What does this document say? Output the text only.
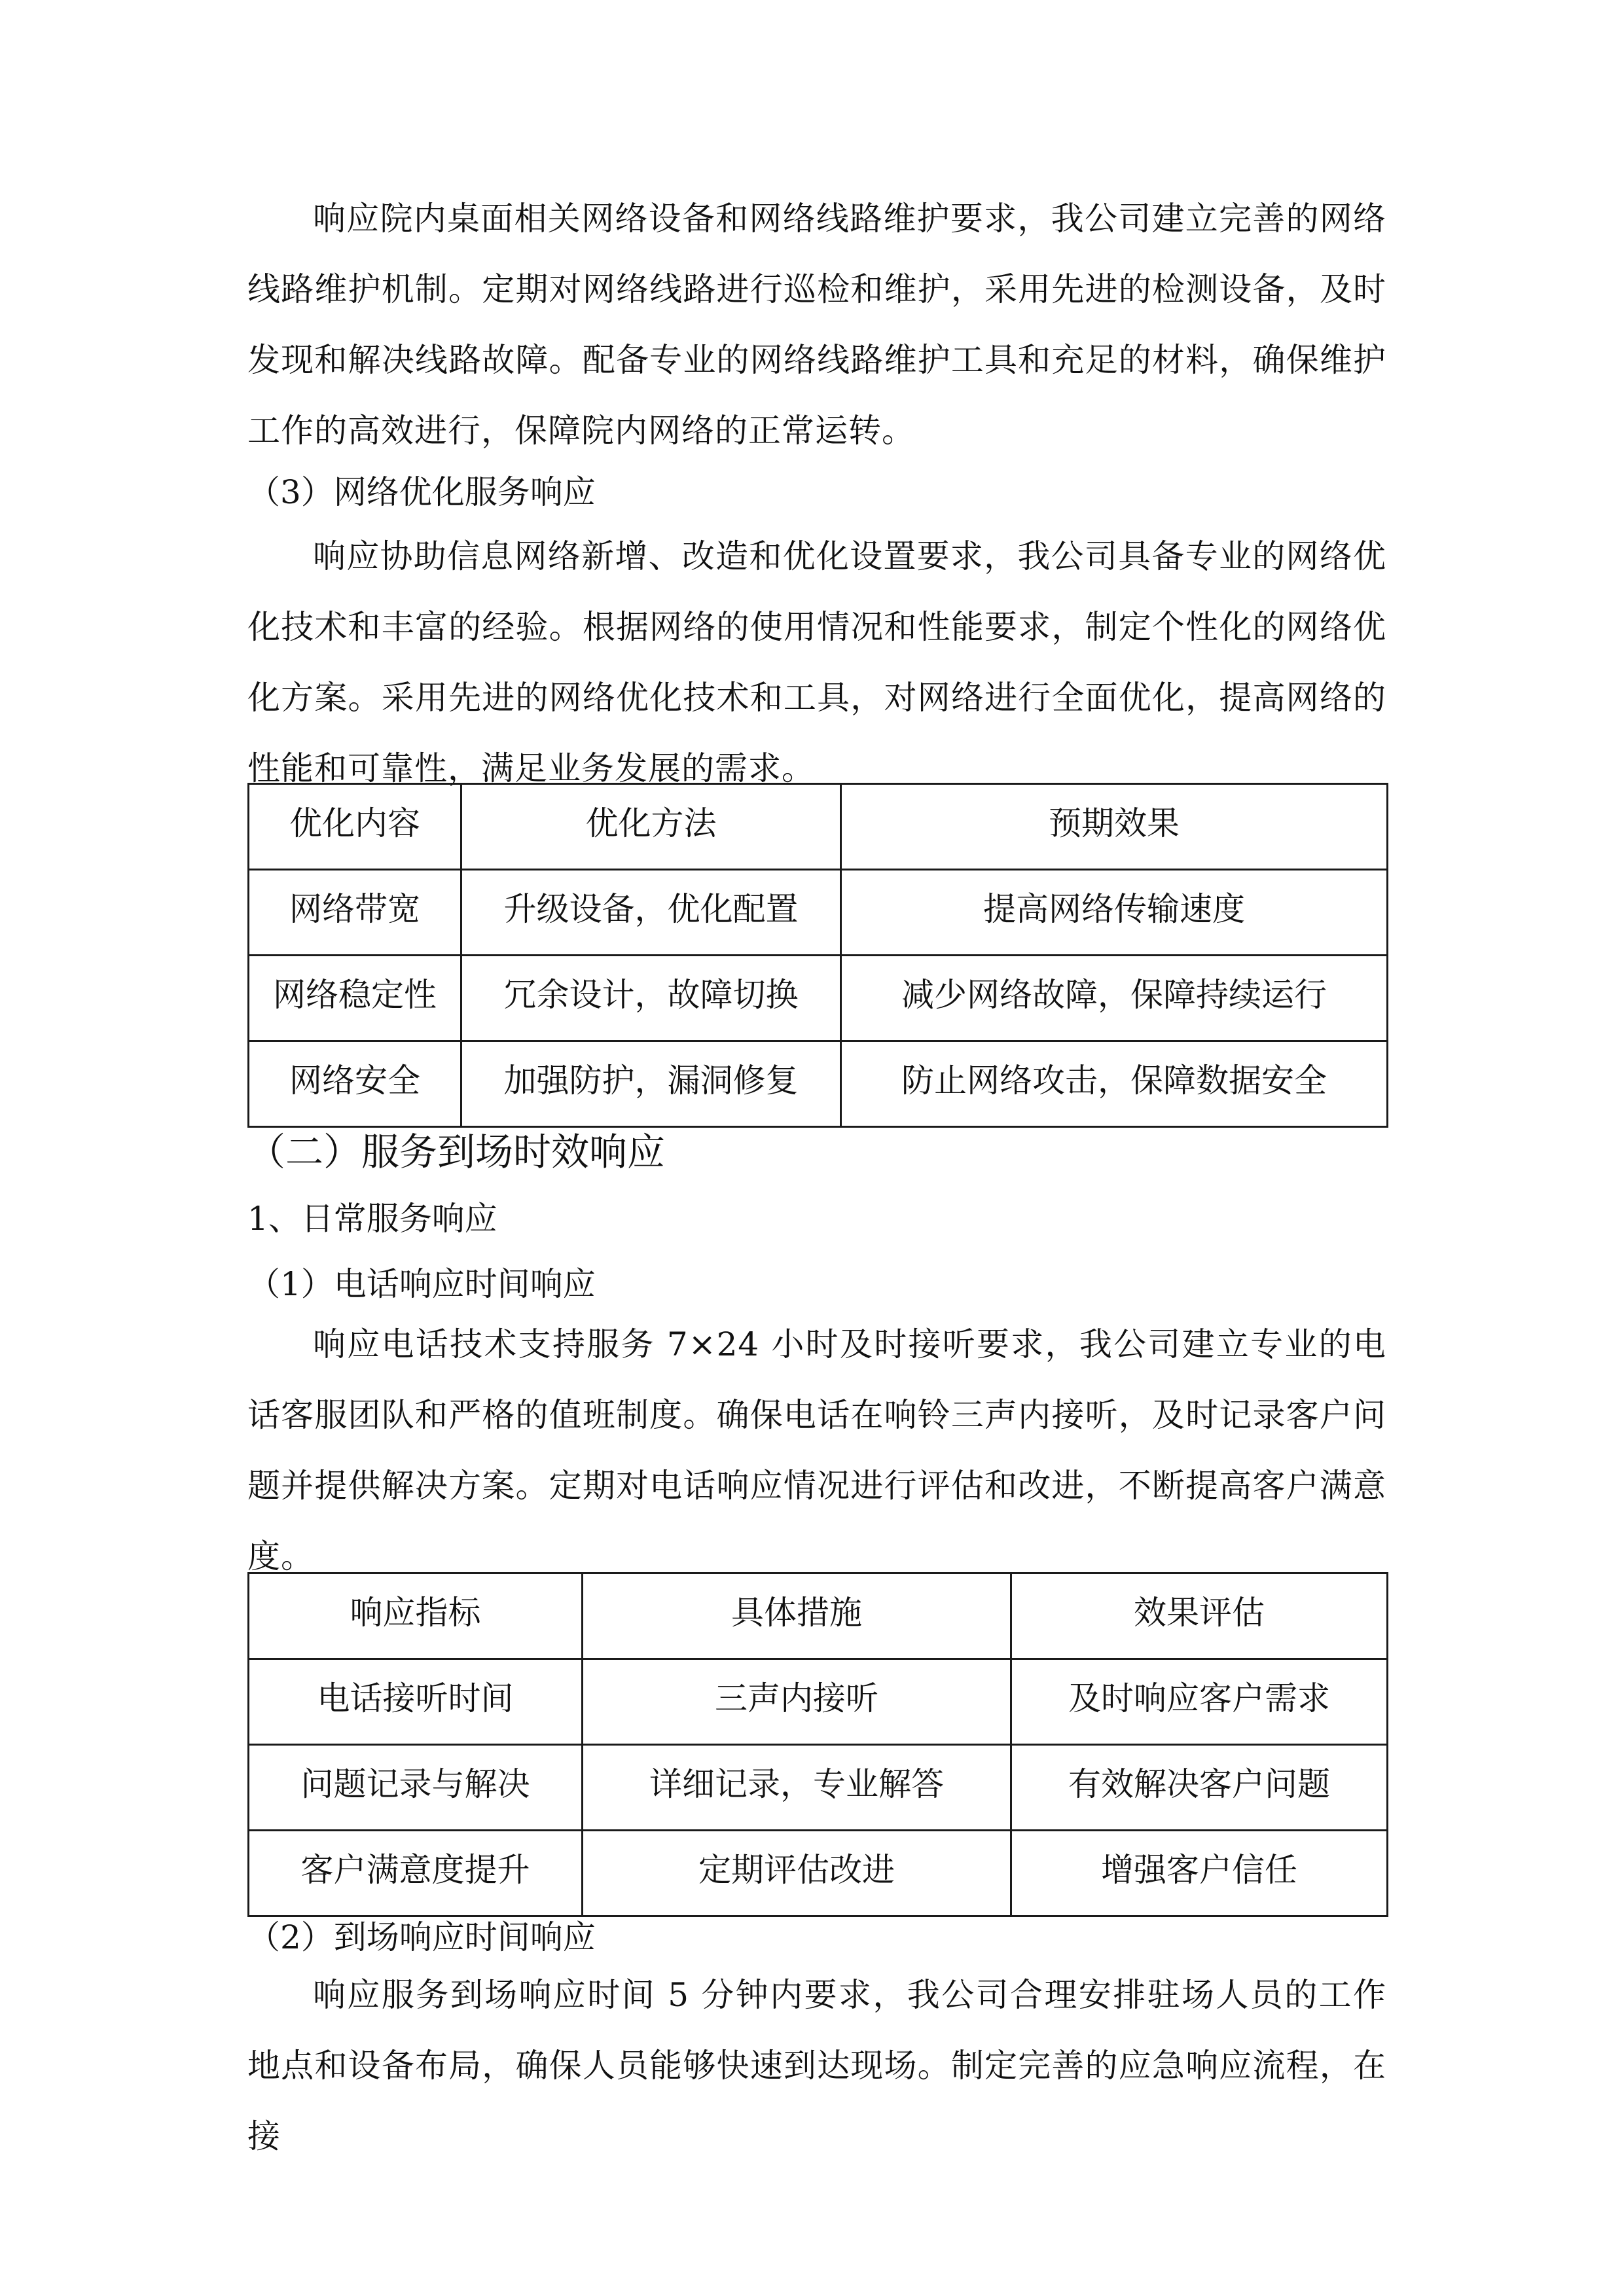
响应院内桌面相关网络设备和网络线路维护要求，我公司建立完善的网络线路维护机制。定期对网络线路进行巡检和维护，采用先进的检测设备，及时发现和解决线路故障。配备专业的网络线路维护工具和充足的材料，确保维护工作的高效进行，保障院内网络的正常运转。

（3）网络优化服务响应

响应协助信息网络新增、改造和优化设置要求，我公司具备专业的网络优化技术和丰富的经验。根据网络的使用情况和性能要求，制定个性化的网络优化方案。采用先进的网络优化技术和工具，对网络进行全面优化，提高网络的性能和可靠性，满足业务发展的需求。

优化内容	优化方法	预期效果
网络带宽	升级设备，优化配置	提高网络传输速度
网络稳定性	冗余设计，故障切换	减少网络故障，保障持续运行
网络安全	加强防护，漏洞修复	防止网络攻击，保障数据安全
（二）服务到场时效响应
1、日常服务响应
（1）电话响应时间响应

响应电话技术支持服务 7×24 小时及时接听要求，我公司建立专业的电话客服团队和严格的值班制度。确保电话在响铃三声内接听，及时记录客户问题并提供解决方案。定期对电话响应情况进行评估和改进，不断提高客户满意度。

响应指标	具体措施	效果评估
电话接听时间	三声内接听	及时响应客户需求
问题记录与解决	详细记录，专业解答	有效解决客户问题
客户满意度提升	定期评估改进	增强客户信任
（2）到场响应时间响应

响应服务到场响应时间 5 分钟内要求，我公司合理安排驻场人员的工作地点和设备布局，确保人员能够快速到达现场。制定完善的应急响应流程，在接
